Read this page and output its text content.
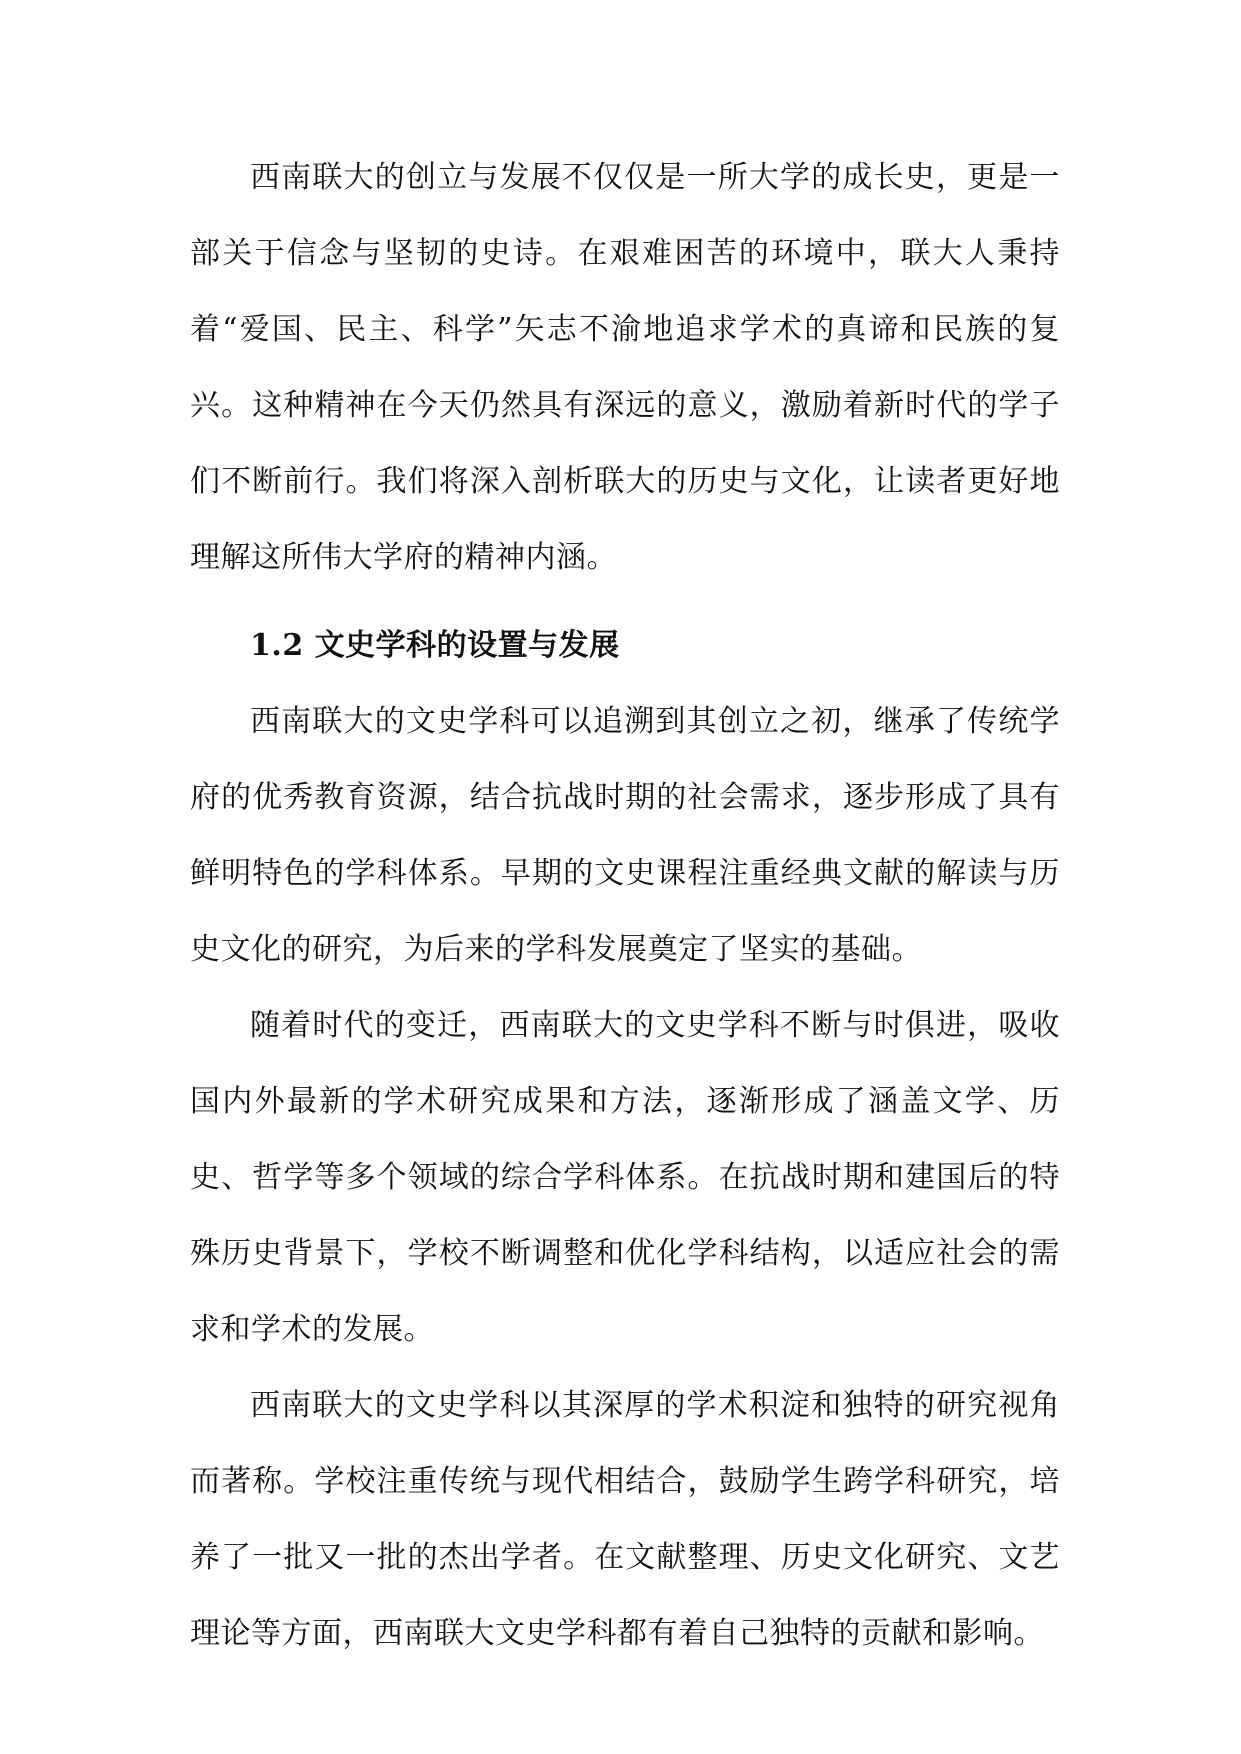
西南联大的创立与发展不仅仅是一所大学的成长史，更是一部关于信念与坚韧的史诗。在艰难困苦的环境中，联大人秉持着“爱国、民主、科学”矢志不渝地追求学术的真谛和民族的复兴。这种精神在今天仍然具有深远的意义，激励着新时代的学子们不断前行。我们将深入剖析联大的历史与文化，让读者更好地理解这所伟大学府的精神内涵。

1.2 文史学科的设置与发展

西南联大的文史学科可以追溯到其创立之初，继承了传统学府的优秀教育资源，结合抗战时期的社会需求，逐步形成了具有鲜明特色的学科体系。早期的文史课程注重经典文献的解读与历史文化的研究，为后来的学科发展奠定了坚实的基础。

随着时代的变迁，西南联大的文史学科不断与时俱进，吸收国内外最新的学术研究成果和方法，逐渐形成了涵盖文学、历史、哲学等多个领域的综合学科体系。在抗战时期和建国后的特殊历史背景下，学校不断调整和优化学科结构，以适应社会的需求和学术的发展。

西南联大的文史学科以其深厚的学术积淀和独特的研究视角而著称。学校注重传统与现代相结合，鼓励学生跨学科研究，培养了一批又一批的杰出学者。在文献整理、历史文化研究、文艺理论等方面，西南联大文史学科都有着自己独特的贡献和影响。
